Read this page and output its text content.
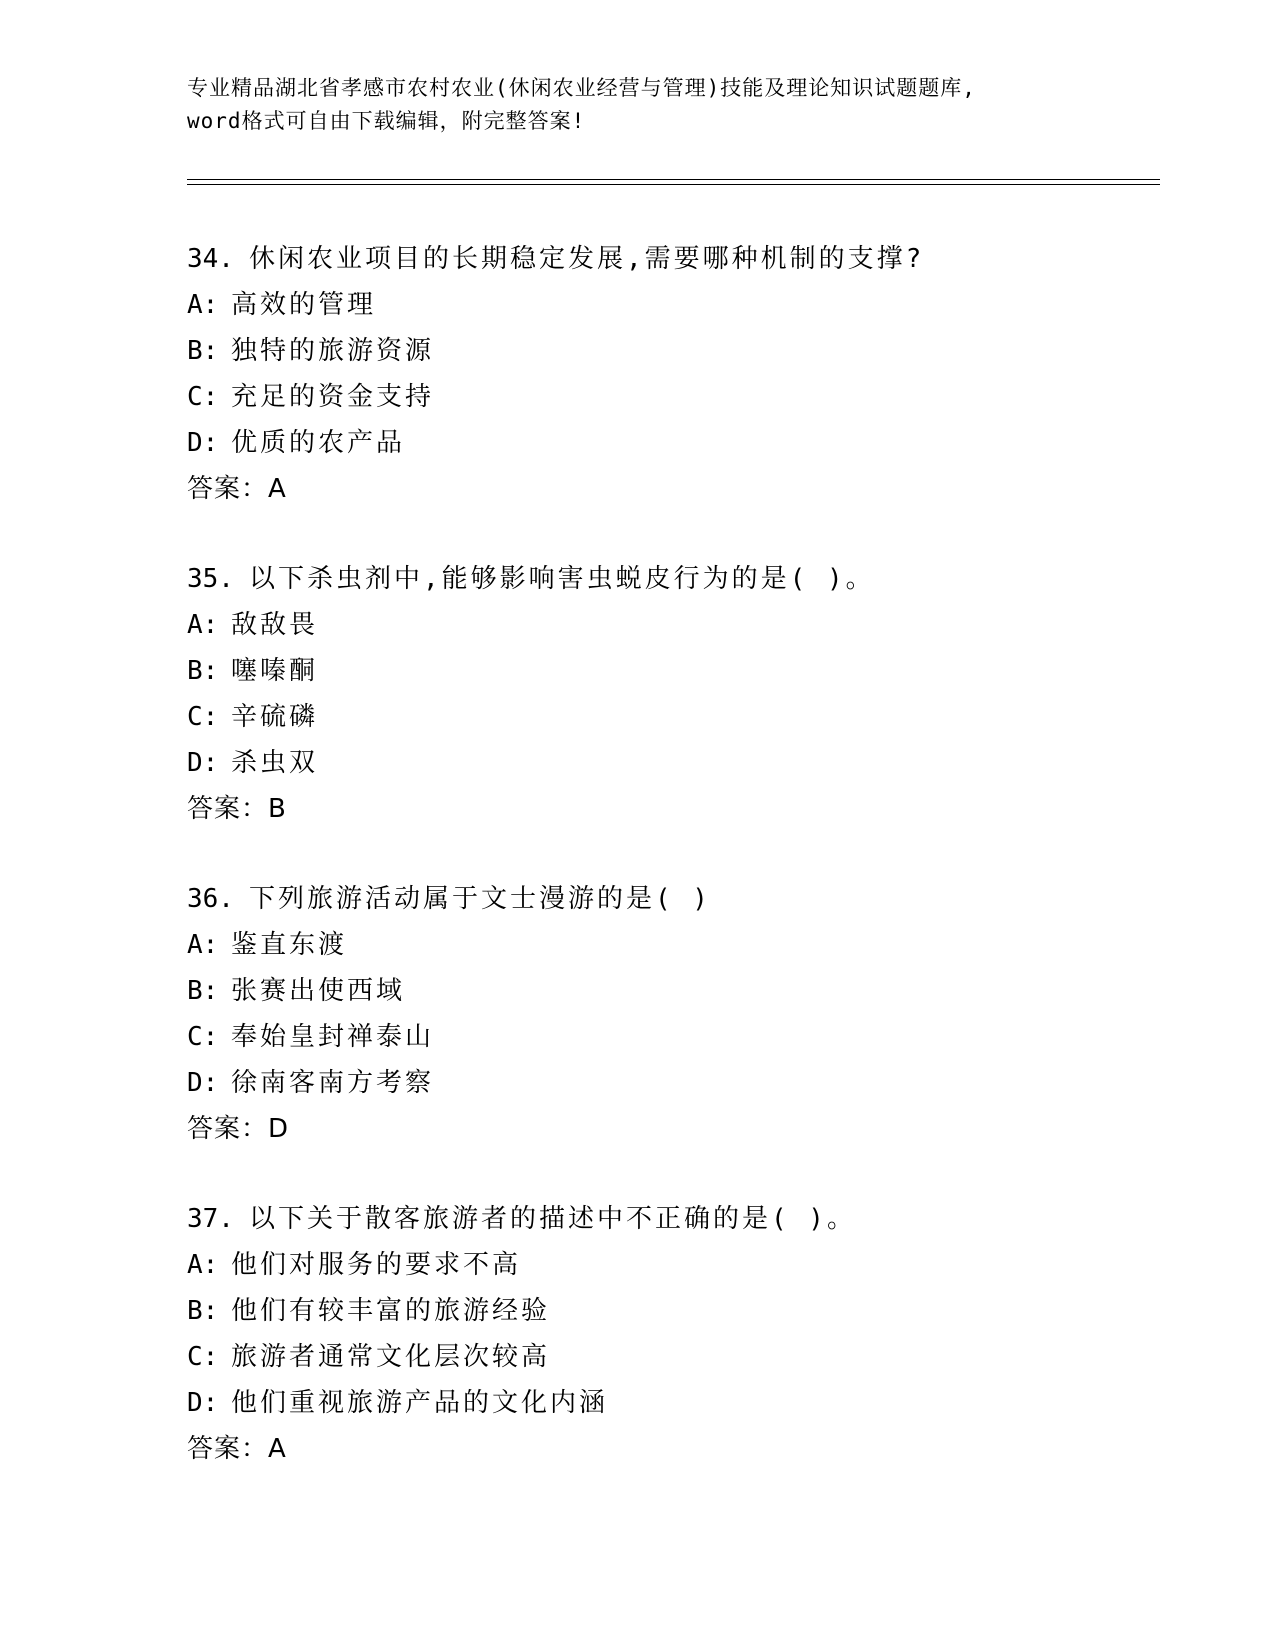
专业精品湖北省孝感市农村农业(休闲农业经营与管理)技能及理论知识试题题库,
word格式可自由下载编辑，附完整答案!
34. 休闲农业项目的长期稳定发展,需要哪种机制的支撑?
A: 高效的管理
B: 独特的旅游资源
C: 充足的资金支持
D: 优质的农产品
答案：A
35. 以下杀虫剂中,能够影响害虫蜕皮行为的是( )。
A: 敌敌畏
B: 噻嗪酮
C: 辛硫磷
D: 杀虫双
答案：B
36. 下列旅游活动属于文士漫游的是( )
A: 鉴直东渡
B: 张赛出使西域
C: 奉始皇封禅泰山
D: 徐南客南方考察
答案：D
37. 以下关于散客旅游者的描述中不正确的是( )。
A: 他们对服务的要求不高
B: 他们有较丰富的旅游经验
C: 旅游者通常文化层次较高
D: 他们重视旅游产品的文化内涵
答案：A
